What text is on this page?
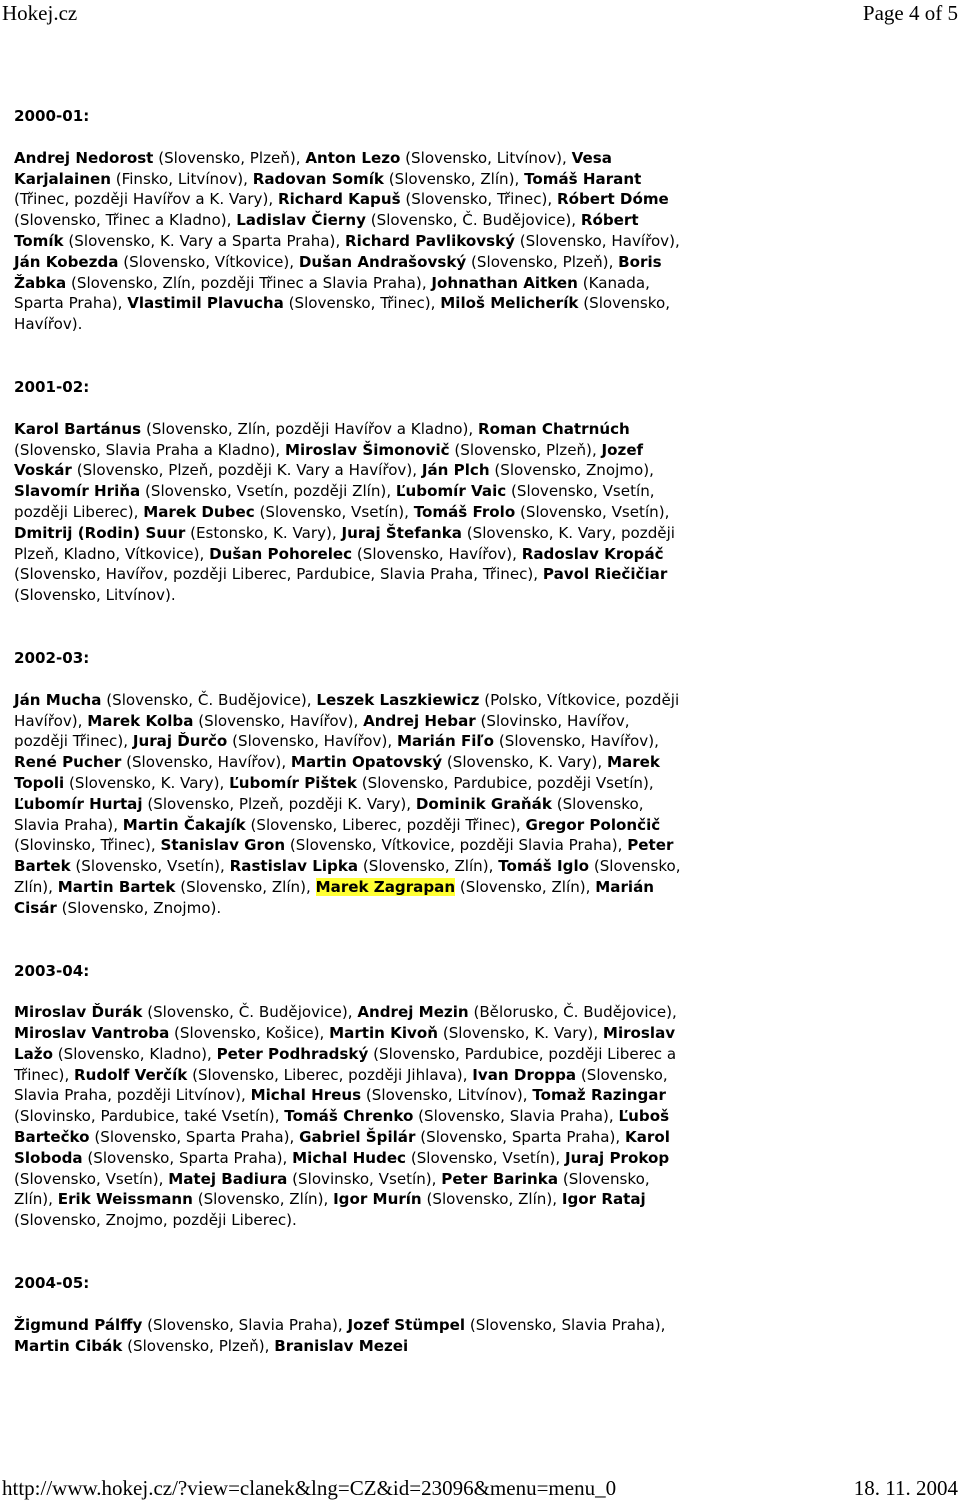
Hokej.cz	Page 4 of 5
2000-01:

Andrej Nedorost (Slovensko, Plzeň), Anton Lezo (Slovensko, Litvínov), Vesa Karjalainen (Finsko, Litvínov), Radovan Somík (Slovensko, Zlín), Tomáš Harant (Třinec, později Havířov a K. Vary), Richard Kapuš (Slovensko, Třinec), Róbert Dóme (Slovensko, Třinec a Kladno), Ladislav Čierny (Slovensko, Č. Budějovice), Róbert Tomík (Slovensko, K. Vary a Sparta Praha), Richard Pavlikovský (Slovensko, Havířov), Ján Kobezda (Slovensko, Vítkovice), Dušan Andrašovský (Slovensko, Plzeň), Boris Žabka (Slovensko, Zlín, později Třinec a Slavia Praha), Johnathan Aitken (Kanada, Sparta Praha), Vlastimil Plavucha (Slovensko, Třinec), Miloš Melicherík (Slovensko, Havířov).

2001-02:

Karol Bartánus (Slovensko, Zlín, později Havířov a Kladno), Roman Chatrnúch (Slovensko, Slavia Praha a Kladno), Miroslav Šimonovič (Slovensko, Plzeň), Jozef Voskár (Slovensko, Plzeň, později K. Vary a Havířov), Ján Plch (Slovensko, Znojmo), Slavomír Hriňa (Slovensko, Vsetín, později Zlín), Ľubomír Vaic (Slovensko, Vsetín, později Liberec), Marek Dubec (Slovensko, Vsetín), Tomáš Frolo (Slovensko, Vsetín), Dmitrij (Rodin) Suur (Estonsko, K. Vary), Juraj Štefanka (Slovensko, K. Vary, později Plzeň, Kladno, Vítkovice), Dušan Pohorelec (Slovensko, Havířov), Radoslav Kropáč (Slovensko, Havířov, později Liberec, Pardubice, Slavia Praha, Třinec), Pavol Riečičiar (Slovensko, Litvínov).

2002-03:

Ján Mucha (Slovensko, Č. Budějovice), Leszek Laszkiewicz (Polsko, Vítkovice, později Havířov), Marek Kolba (Slovensko, Havířov), Andrej Hebar (Slovinsko, Havířov, později Třinec), Juraj Ďurčo (Slovensko, Havířov), Marián Fiľo (Slovensko, Havířov), René Pucher (Slovensko, Havířov), Martin Opatovský (Slovensko, K. Vary), Marek Topoli (Slovensko, K. Vary), Ľubomír Pištek (Slovensko, Pardubice, později Vsetín), Ľubomír Hurtaj (Slovensko, Plzeň, později K. Vary), Dominik Graňák (Slovensko, Slavia Praha), Martin Čakajík (Slovensko, Liberec, později Třinec), Gregor Polončič (Slovinsko, Třinec), Stanislav Gron (Slovensko, Vítkovice, později Slavia Praha), Peter Bartek (Slovensko, Vsetín), Rastislav Lipka (Slovensko, Zlín), Tomáš Iglo (Slovensko, Zlín), Martin Bartek (Slovensko, Zlín), Marek Zagrapan (Slovensko, Zlín), Marián Cisár (Slovensko, Znojmo).

2003-04:

Miroslav Ďurák (Slovensko, Č. Budějovice), Andrej Mezin (Bělorusko, Č. Budějovice), Miroslav Vantroba (Slovensko, Košice), Martin Kivoň (Slovensko, K. Vary), Miroslav Lažo (Slovensko, Kladno), Peter Podhradský (Slovensko, Pardubice, později Liberec a Třinec), Rudolf Verčík (Slovensko, Liberec, později Jihlava), Ivan Droppa (Slovensko, Slavia Praha, později Litvínov), Michal Hreus (Slovensko, Litvínov), Tomaž Razingar (Slovinsko, Pardubice, také Vsetín), Tomáš Chrenko (Slovensko, Slavia Praha), Ľuboš Bartečko (Slovensko, Sparta Praha), Gabriel Špilár (Slovensko, Sparta Praha), Karol Sloboda (Slovensko, Sparta Praha), Michal Hudec (Slovensko, Vsetín), Juraj Prokop (Slovensko, Vsetín), Matej Badiura (Slovinsko, Vsetín), Peter Barinka (Slovensko, Zlín), Erik Weissmann (Slovensko, Zlín), Igor Murín (Slovensko, Zlín), Igor Rataj (Slovensko, Znojmo, později Liberec).

2004-05:

Žigmund Pálffy (Slovensko, Slavia Praha), Jozef Stümpel (Slovensko, Slavia Praha), Martin Cibák (Slovensko, Plzeň), Branislav Mezei

http://www.hokej.cz/?view=clanek&lng=CZ&id=23096&menu=menu_0	18. 11. 2004
